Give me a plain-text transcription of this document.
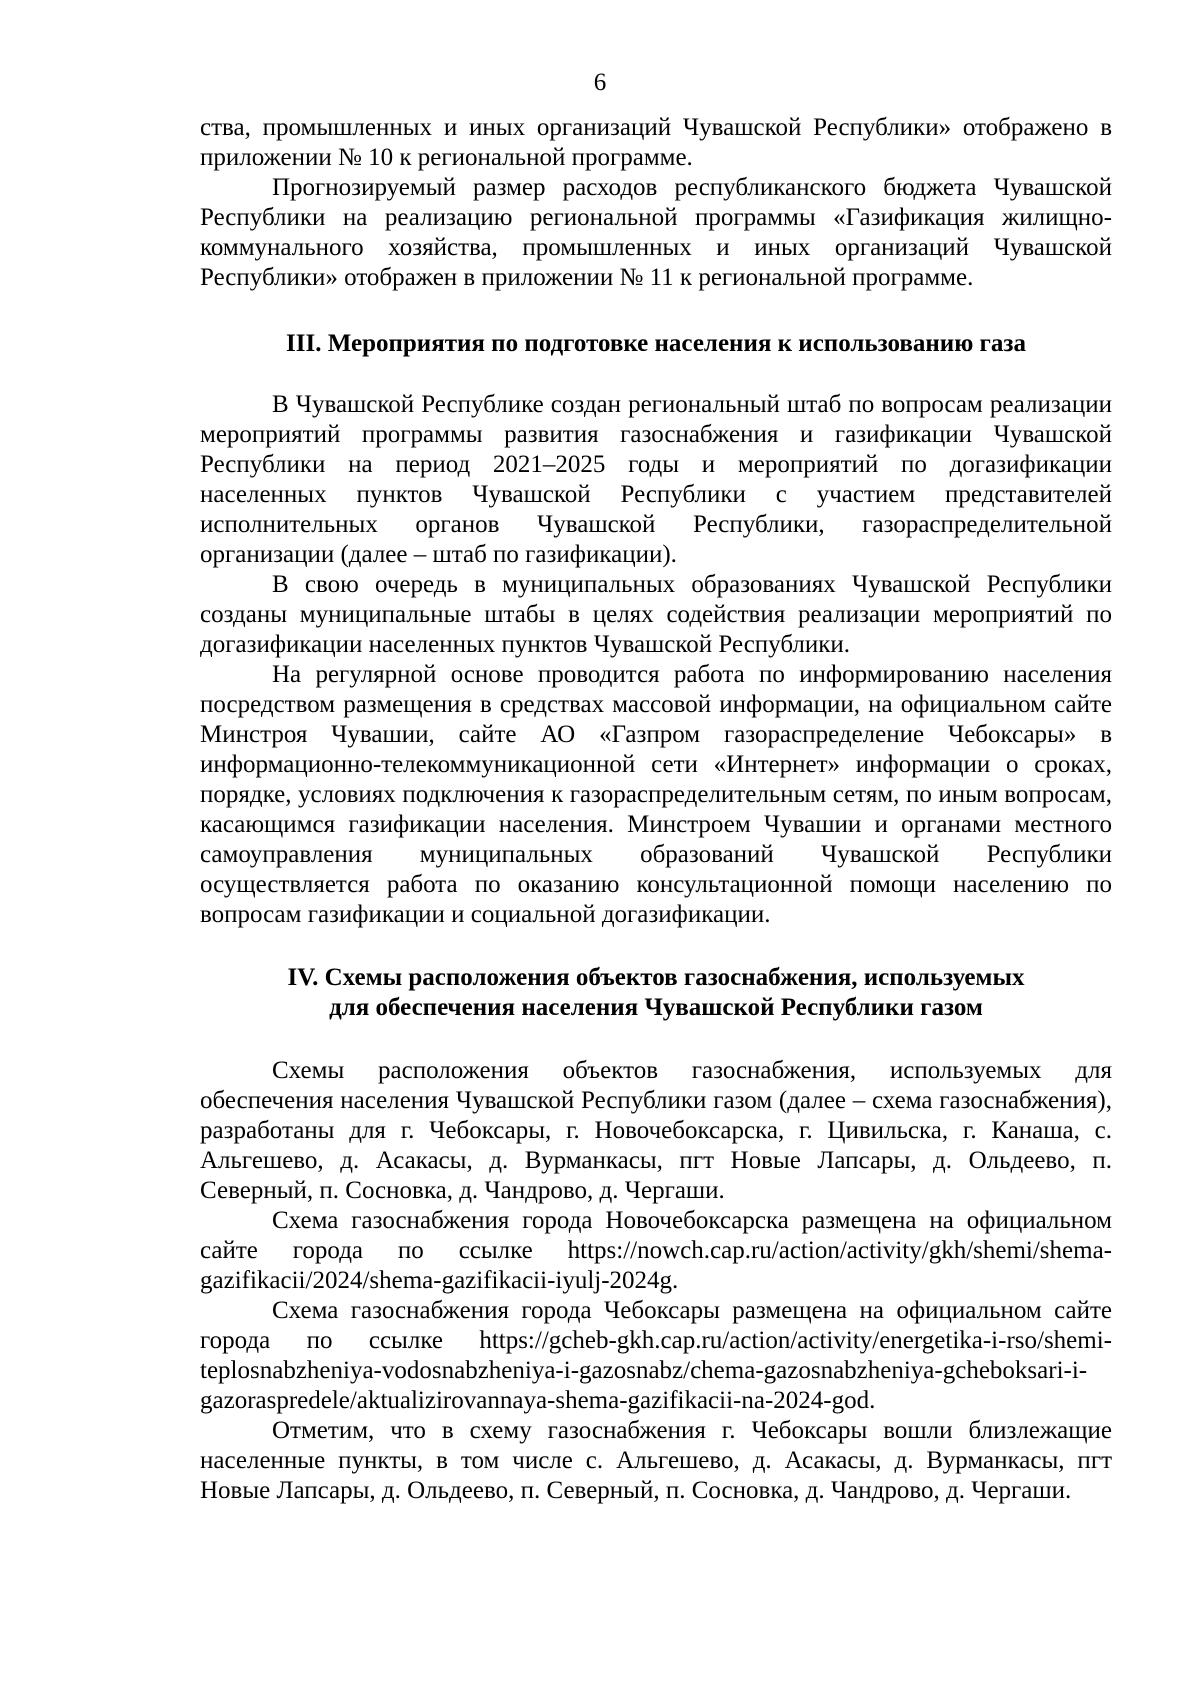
6

ства, промышленных и иных организаций Чувашской Республики» отображено в приложении № 10 к региональной программе.

Прогнозируемый размер расходов республиканского бюджета Чувашской Республики на реализацию региональной программы «Газификация жилищно-коммунального хозяйства, промышленных и иных организаций Чувашской Республики» отображен в приложении № 11 к региональной программе.

III. Мероприятия по подготовке населения к использованию газа

В Чувашской Республике создан региональный штаб по вопросам реализации мероприятий программы развития газоснабжения и газификации Чувашской Республики на период 2021–2025 годы и мероприятий по догазификации населенных пунктов Чувашской Республики с участием представителей исполнительных органов Чувашской Республики, газораспределительной организации (далее – штаб по газификации).

В свою очередь в муниципальных образованиях Чувашской Республики созданы муниципальные штабы в целях содействия реализации мероприятий по догазификации населенных пунктов Чувашской Республики.

На регулярной основе проводится работа по информированию населения посредством размещения в средствах массовой информации, на официальном сайте Минстроя Чувашии, сайте АО «Газпром газораспределение Чебоксары» в информационно-телекоммуникационной сети «Интернет» информации о сроках, порядке, условиях подключения к газораспределительным сетям, по иным вопросам, касающимся газификации населения. Минстроем Чувашии и органами местного самоуправления муниципальных образований Чувашской Республики осуществляется работа по оказанию консультационной помощи населению по вопросам газификации и социальной догазификации.

IV. Схемы расположения объектов газоснабжения, используемых
для обеспечения населения Чувашской Республики газом

Схемы расположения объектов газоснабжения, используемых для обеспечения населения Чувашской Республики газом (далее – схема газоснабжения), разработаны для г. Чебоксары, г. Новочебоксарска, г. Цивильска, г. Канаша, с. Альгешево, д. Асакасы, д. Вурманкасы, пгт Новые Лапсары, д. Ольдеево, п. Северный, п. Сосновка, д. Чандрово, д. Чергаши.

Схема газоснабжения города Новочебоксарска размещена на официальном сайте города по ссылке https://nowch.cap.ru/action/activity/gkh/shemi/shema-gazifikacii/2024/shema-gazifikacii-iyulj-2024g.

Схема газоснабжения города Чебоксары размещена на официальном сайте города по ссылке https://gcheb-gkh.cap.ru/action/activity/energetika-i-rso/shemi-teplosnabzheniya-vodosnabzheniya-i-gazosnabz/chema-gazosnabzheniya-gcheboksari-i-gazoraspredele/aktualizirovannaya-shema-gazifikacii-na-2024-god.

Отметим, что в схему газоснабжения г. Чебоксары вошли близлежащие населенные пункты, в том числе с. Альгешево, д. Асакасы, д. Вурманкасы, пгт Новые Лапсары, д. Ольдеево, п. Северный, п. Сосновка, д. Чандрово, д. Чергаши.
